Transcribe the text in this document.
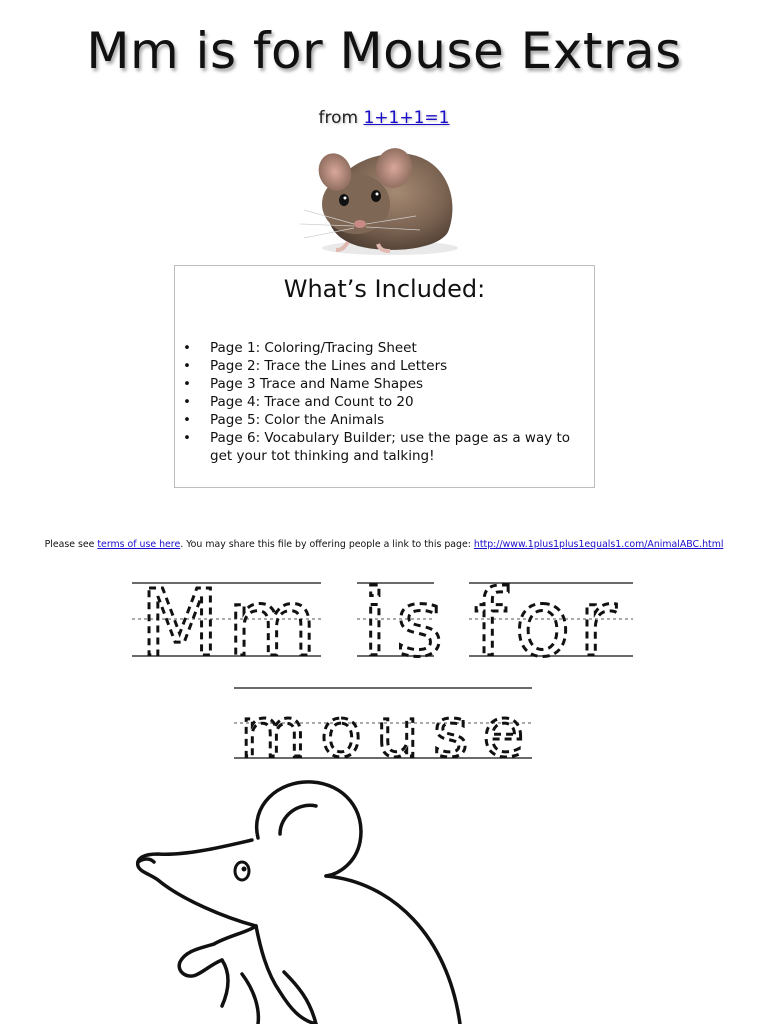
Mm is for Mouse Extras
from 1+1+1=1
What’s Included:
• Page 1: Coloring/Tracing Sheet
• Page 2: Trace the Lines and Letters
• Page 3 Trace and Name Shapes
• Page 4: Trace and Count to 20
• Page 5: Color the Animals
• Page 6: Vocabulary Builder; use the page as a way to get your tot thinking and talking!
Please see terms of use here. You may share this file by offering people a link to this page: http://www.1plus1plus1equals1.com/AnimalABC.html
Mm is for
mouse
